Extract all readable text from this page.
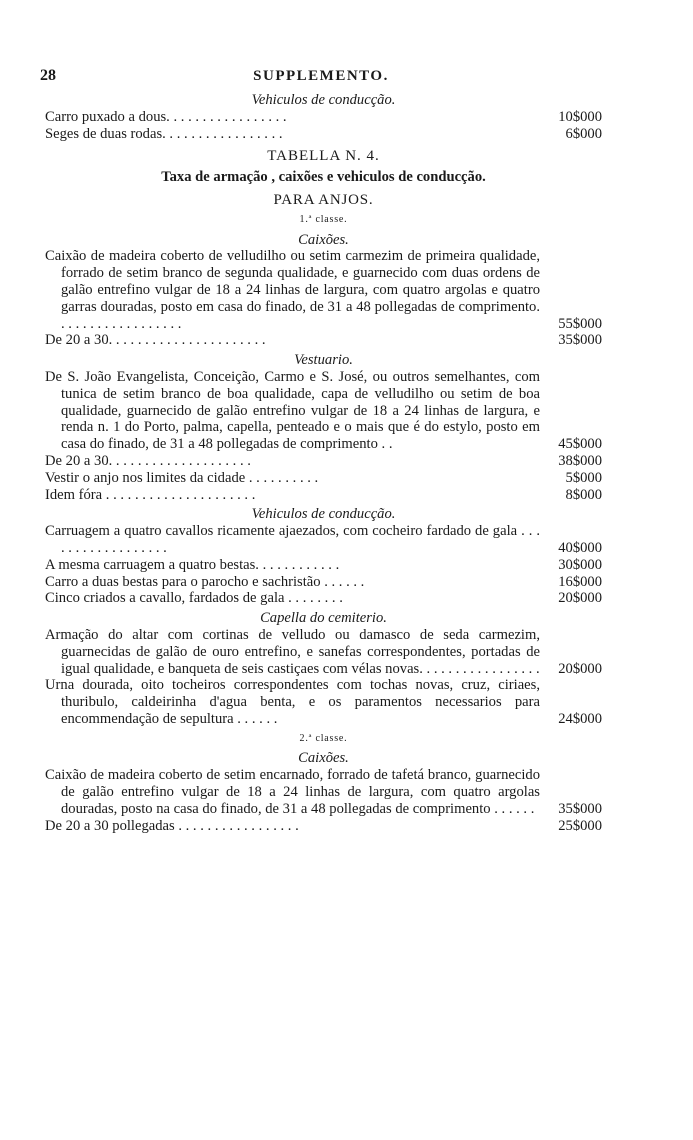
28	SUPPLEMENTO.
Vehiculos de conducção.
Carro puxado a dous. . . . . . . . . . . . . . . . .	10$000
Seges de duas rodas. . . . . . . . . . . . . . . . .	6$000
TABELLA N. 4.
Taxa de armação , caixões e vehiculos de conducção.
PARA ANJOS.
1.ª classe.
Caixões.
Caixão de madeira coberto de velludilho ou setim carmezim de primeira qualidade, forrado de setim branco de segunda qualidade, e guarnecido com duas ordens de galão entrefino vulgar de 18 a 24 linhas de largura, com quatro argolas e quatro garras douradas, posto em casa do finado, de 31 a 48 pollegadas de comprimento. . . . . . . . . . . . . . . . . .	55$000
De 20 a 30. . . . . . . . . . . . . . . . . . . . . .	35$000
Vestuario.
De S. João Evangelista, Conceição, Carmo e S. José, ou outros semelhantes, com tunica de setim branco de boa qualidade, capa de velludilho ou setim de boa qualidade, guarnecido de galão entrefino vulgar de 18 a 24 linhas de largura, e renda n. 1 do Porto, palma, capella, penteado e o mais que é do estylo, posto em casa do finado, de 31 a 48 pollegadas de comprimento . .	45$000
De 20 a 30. . . . . . . . . . . . . . . . . . . .	38$000
Vestir o anjo nos limites da cidade . . . . . . . . . .	5$000
Idem fóra . . . . . . . . . . . . . . . . . . . . .	8$000
Vehiculos de conducção.
Carruagem a quatro cavallos ricamente ajaezados, com cocheiro fardado de gala . . . . . . . . . . . . . . . . . .	40$000
A mesma carruagem a quatro bestas. . . . . . . . . . . .	30$000
Carro a duas bestas para o parocho e sachristão . . . . . .	16$000
Cinco criados a cavallo, fardados de gala . . . . . . . .	20$000
Capella do cemiterio.
Armação do altar com cortinas de velludo ou damasco de seda carmezim, guarnecidas de galão de ouro entrefino, e sanefas correspondentes, portadas de igual qualidade, e banqueta de seis castiçaes com vélas novas. . . . . . . . . . . . . . . . .	20$000
Urna dourada, oito tocheiros correspondentes com tochas novas, cruz, ciriaes, thuribulo, caldeirinha d'agua benta, e os paramentos necessarios para encommendação de sepultura . . . . . .	24$000
2.ª classe.
Caixões.
Caixão de madeira coberto de setim encarnado, forrado de tafetá branco, guarnecido de galão entrefino vulgar de 18 a 24 linhas de largura, com quatro argolas douradas, posto na casa do finado, de 31 a 48 pollegadas de comprimento . . . . . .	35$000
De 20 a 30 pollegadas . . . . . . . . . . . . . . . . .	25$000
